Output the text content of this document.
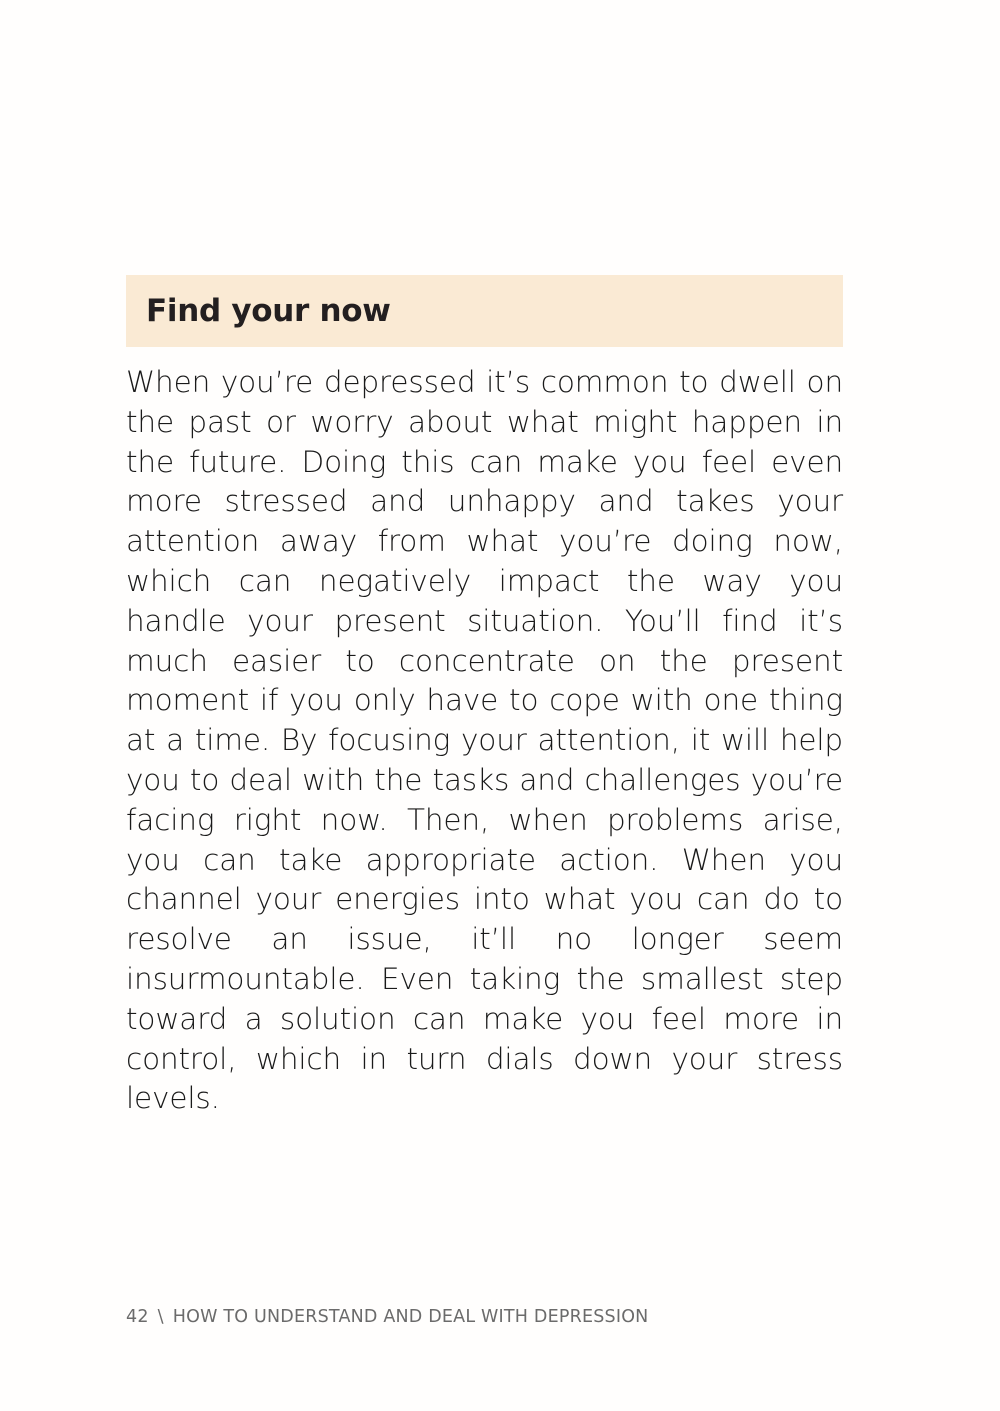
Find your now

When you’re depressed it’s common to dwell on the past or worry about what might happen in the future. Doing this can make you feel even more stressed and unhappy and takes your attention away from what you’re doing now, which can negatively impact the way you handle your present situation. You’ll find it’s much easier to concentrate on the present moment if you only have to cope with one thing at a time. By focusing your attention, it will help you to deal with the tasks and challenges you’re facing right now. Then, when problems arise, you can take appropriate action. When you channel your energies into what you can do to resolve an issue, it’ll no longer seem insurmountable. Even taking the smallest step toward a solution can make you feel more in control, which in turn dials down your stress levels.

42 \ HOW TO UNDERSTAND AND DEAL WITH DEPRESSION
